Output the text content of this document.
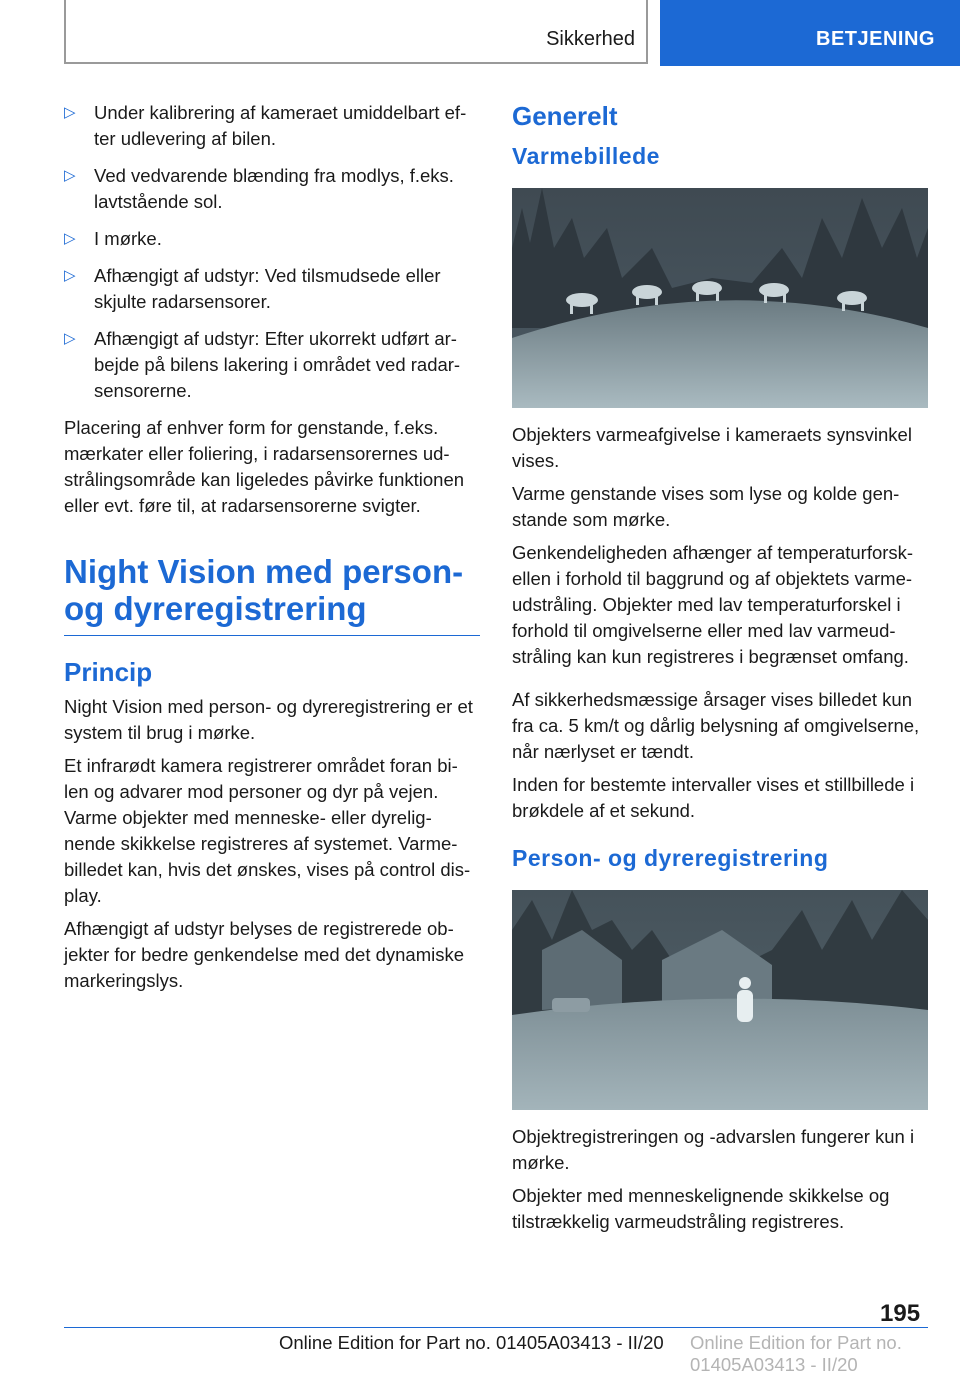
Sikkerhed	BETJENING
▷ Under kalibrering af kameraet umiddelbart ef-ter udlevering af bilen.
▷ Ved vedvarende blænding fra modlys, f.eks. lavtstående sol.
▷ I mørke.
▷ Afhængigt af udstyr: Ved tilsmudsede eller skjulte radarsensorer.
▷ Afhængigt af udstyr: Efter ukorrekt udført ar-bejde på bilens lakering i området ved radar-sensorerne.

Placering af enhver form for genstande, f.eks. mærkater eller foliering, i radarsensorernes ud-strålingsområde kan ligeledes påvirke funktionen eller evt. føre til, at radarsensorerne svigter.

Night Vision med person- og dyreregistrering
Princip

Night Vision med person- og dyreregistrering er et system til brug i mørke.

Et infrarødt kamera registrerer området foran bi-len og advarer mod personer og dyr på vejen. Varme objekter med menneske- eller dyrelig-nende skikkelse registreres af systemet. Varme-billedet kan, hvis det ønskes, vises på control dis-play.

Afhængigt af udstyr belyses de registrerede ob-jekter for bedre genkendelse med det dynamiske markeringslys.

Generelt
Varmebillede

Objekters varmeafgivelse i kameraets synsvinkel vises.

Varme genstande vises som lyse og kolde gen-stande som mørke.

Genkendeligheden afhænger af temperaturforsk-ellen i forhold til baggrund og af objektets varme-udstråling. Objekter med lav temperaturforskel i forhold til omgivelserne eller med lav varmeud-stråling kan kun registreres i begrænset omfang.

Af sikkerhedsmæssige årsager vises billedet kun fra ca. 5 km/t og dårlig belysning af omgivelserne, når nærlyset er tændt.

Inden for bestemte intervaller vises et stillbillede i brøkdele af et sekund.

Person- og dyreregistrering

Objektregistreringen og -advarslen fungerer kun i mørke.

Objekter med menneskelignende skikkelse og tilstrækkelig varmeudstråling registreres.

195
Online Edition for Part no. 01405A03413 - II/20 Online Edition for Part no. 01405A03413 - II/20
